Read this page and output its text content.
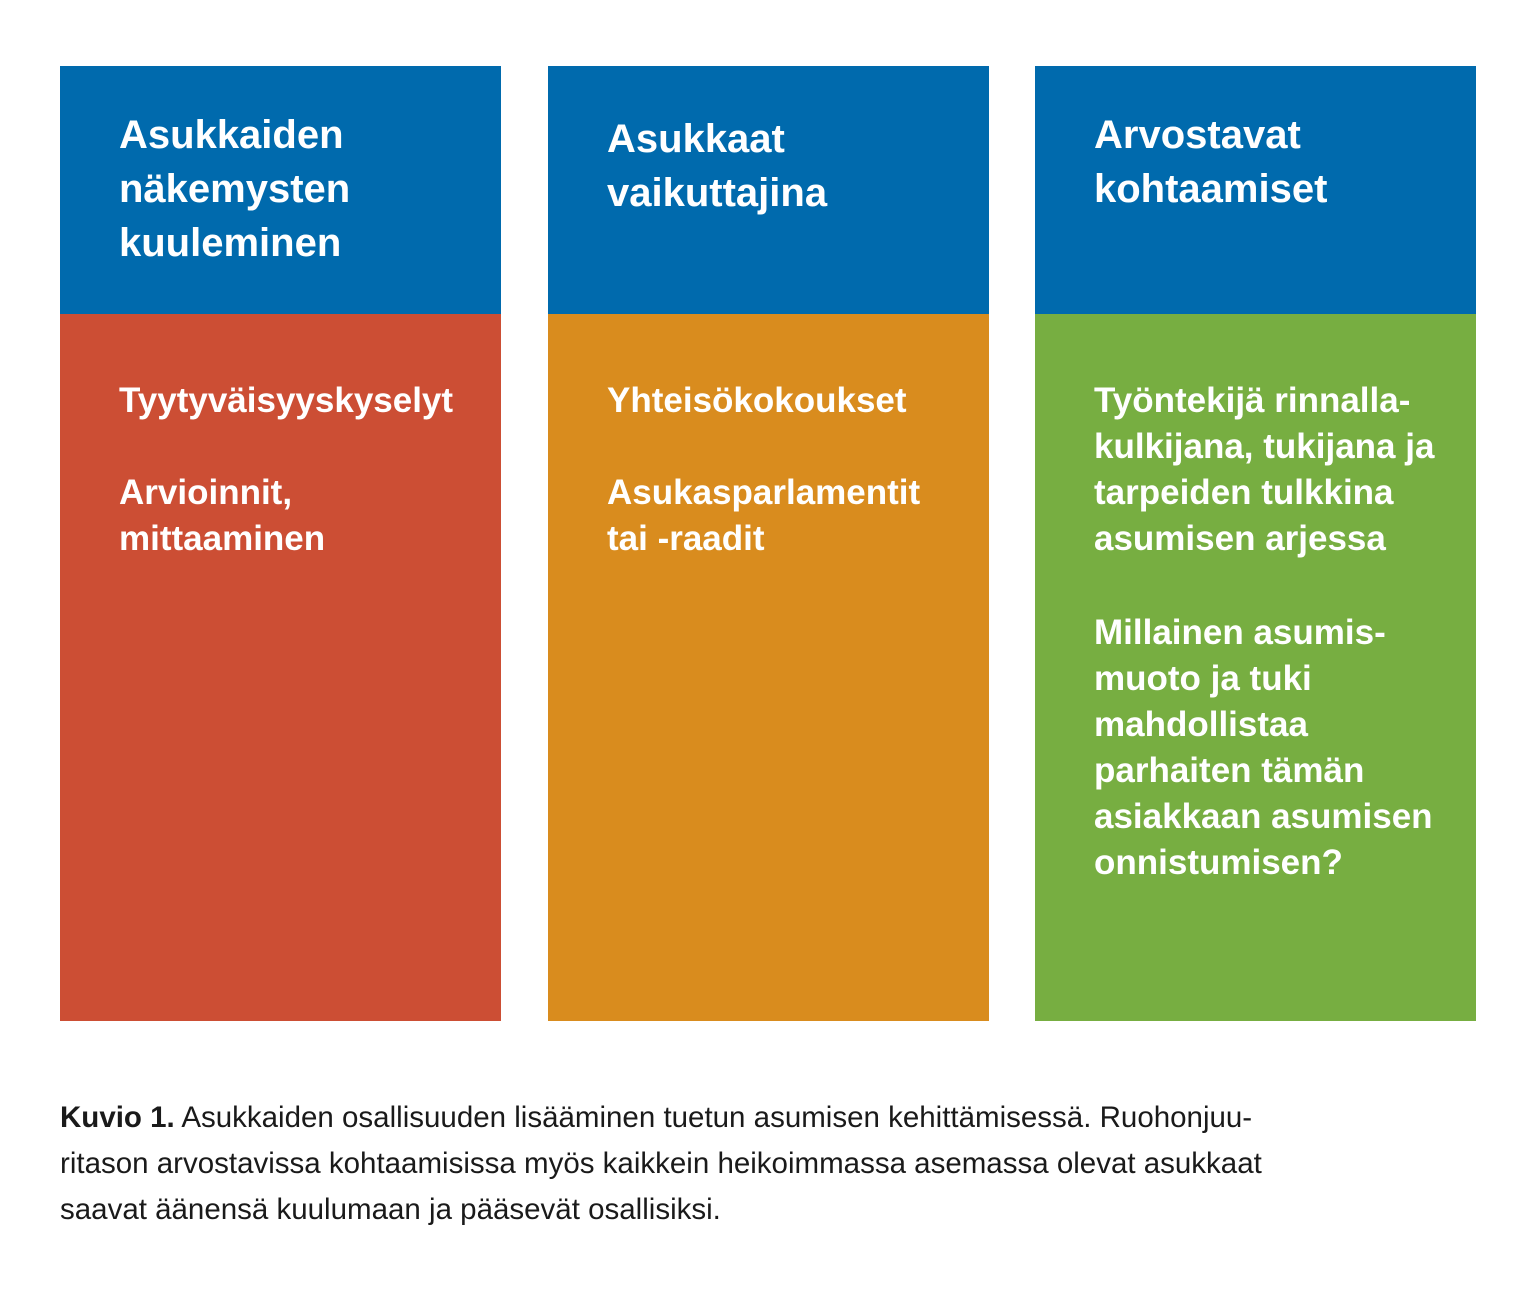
Asukkaiden
näkemysten
kuuleminen

Tyytyväisyyskyselyt

Arvioinnit,
mittaaminen

Asukkaat
vaikuttajina

Yhteisökokoukset

Asukasparlamentit
tai -raadit

Arvostavat
kohtaamiset

Työntekijä rinnalla-
kulkijana, tukijana ja
tarpeiden tulkkina
asumisen arjessa

Millainen asumis-
muoto ja tuki
mahdollistaa
parhaiten tämän
asiakkaan asumisen
onnistumisen?

Kuvio 1. Asukkaiden osallisuuden lisääminen tuetun asumisen kehittämisessä. Ruohonjuu-
ritason arvostavissa kohtaamisissa myös kaikkein heikoimmassa asemassa olevat asukkaat
saavat äänensä kuulumaan ja pääsevät osallisiksi.
